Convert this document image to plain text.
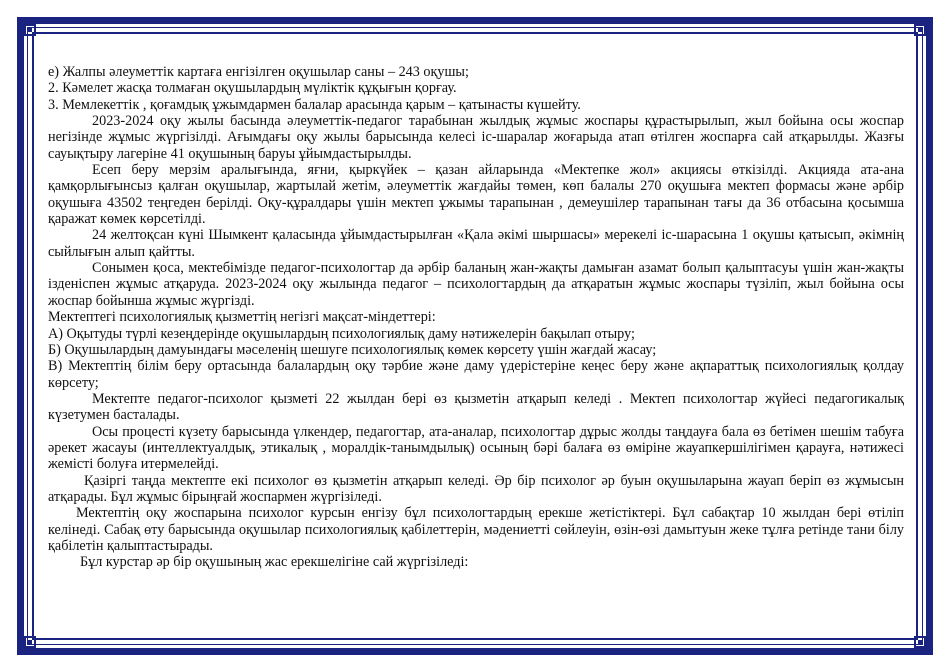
е) Жалпы әлеуметтік картаға енгізілген оқушылар саны – 243 оқушы;

2. Кәмелет жасқа толмаған оқушылардың мүліктік құқығын қорғау.

3. Мемлекеттік , қоғамдық ұжымдармен балалар арасында қарым – қатынасты күшейту.

2023-2024 оқу жылы басында әлеуметтік-педагог тарабынан жылдық жұмыс жоспары құрастырылып, жыл бойына осы жоспар негізінде жұмыс жүргізілді. Ағымдағы оқу жылы барысында келесі іс-шаралар жоғарыда атап өтілген жоспарға сай атқарылды. Жазғы сауықтыру лагеріне 41 оқушының баруы ұйымдастырылды.

Есеп беру мерзім аралығында, яғни, қыркүйек – қазан айларында «Мектепке жол» акциясы өткізілді. Акцияда ата-ана қамқорлығынсыз қалған оқушылар, жартылай жетім, әлеуметтік жағдайы төмен, көп балалы 270 оқушыға мектеп формасы және әрбір оқушыға 43502 теңгеден берілді. Оқу-құралдары үшін мектеп ұжымы тарапынан , демеушілер тарапынан тағы да 36 отбасына қосымша қаражат көмек көрсетілді.

24 желтоқсан күні Шымкент қаласында ұйымдастырылған «Қала әкімі шыршасы» мерекелі іс-шарасына 1 оқушы қатысып, әкімнің сыйлығын алып қайтты.

Сонымен қоса, мектебімізде педагог-психологтар да әрбір баланың жан-жақты дамыған азамат болып қалыптасуы үшін жан-жақты ізденіспен жұмыс атқаруда. 2023-2024 оқу жылында педагог – психологтардың да атқаратын жұмыс жоспары түзіліп, жыл бойына осы жоспар бойынша жұмыс жүргізді.

Мектептегі психологиялық қызметтің негізгі мақсат-міндеттері:

А) Оқытуды түрлі кезеңдерінде оқушылардың психологиялық даму нәтижелерін бақылап отыру;

Б) Оқушылардың дамуындағы мәселенің шешуге психологиялық көмек көрсету үшін жағдай жасау;

В) Мектептің білім беру ортасында балалардың оқу тәрбие және даму үдерістеріне кеңес беру және ақпараттық психологиялық қолдау көрсету;

Мектепте педагог-психолог қызметі 22 жылдан бері өз қызметін атқарып келеді . Мектеп психологтар жүйесі педагогикалық күзетумен басталады.

Осы процесті күзету барысында үлкендер, педагогтар, ата-аналар, психологтар дұрыс жолды таңдауға бала өз бетімен шешім табуға әрекет жасауы (интеллектуалдық, этикалық , моралдік-танымдылық) осының бәрі балаға өз өміріне жауапкершілігімен қарауға, нәтижесі жемісті болуға итермелейді.

Қазіргі таңда мектепте екі психолог өз қызметін атқарып келеді. Әр бір психолог әр буын оқушыларына жауап беріп өз жұмысын атқарады. Бұл жұмыс бірыңғай жоспармен жүргізіледі.

Мектептің оқу жоспарына психолог курсын енгізу бұл психологтардың ерекше жетістіктері. Бұл сабақтар 10 жылдан бері өтіліп келінеді. Сабақ өту барысында оқушылар психологиялық қабілеттерін, мәдениетті сөйлеуін, өзін-өзі дамытуын жеке тұлға ретінде тани білу қабілетін қалыптастырады.

Бұл курстар әр бір оқушының жас ерекшелігіне сай жүргізіледі:
